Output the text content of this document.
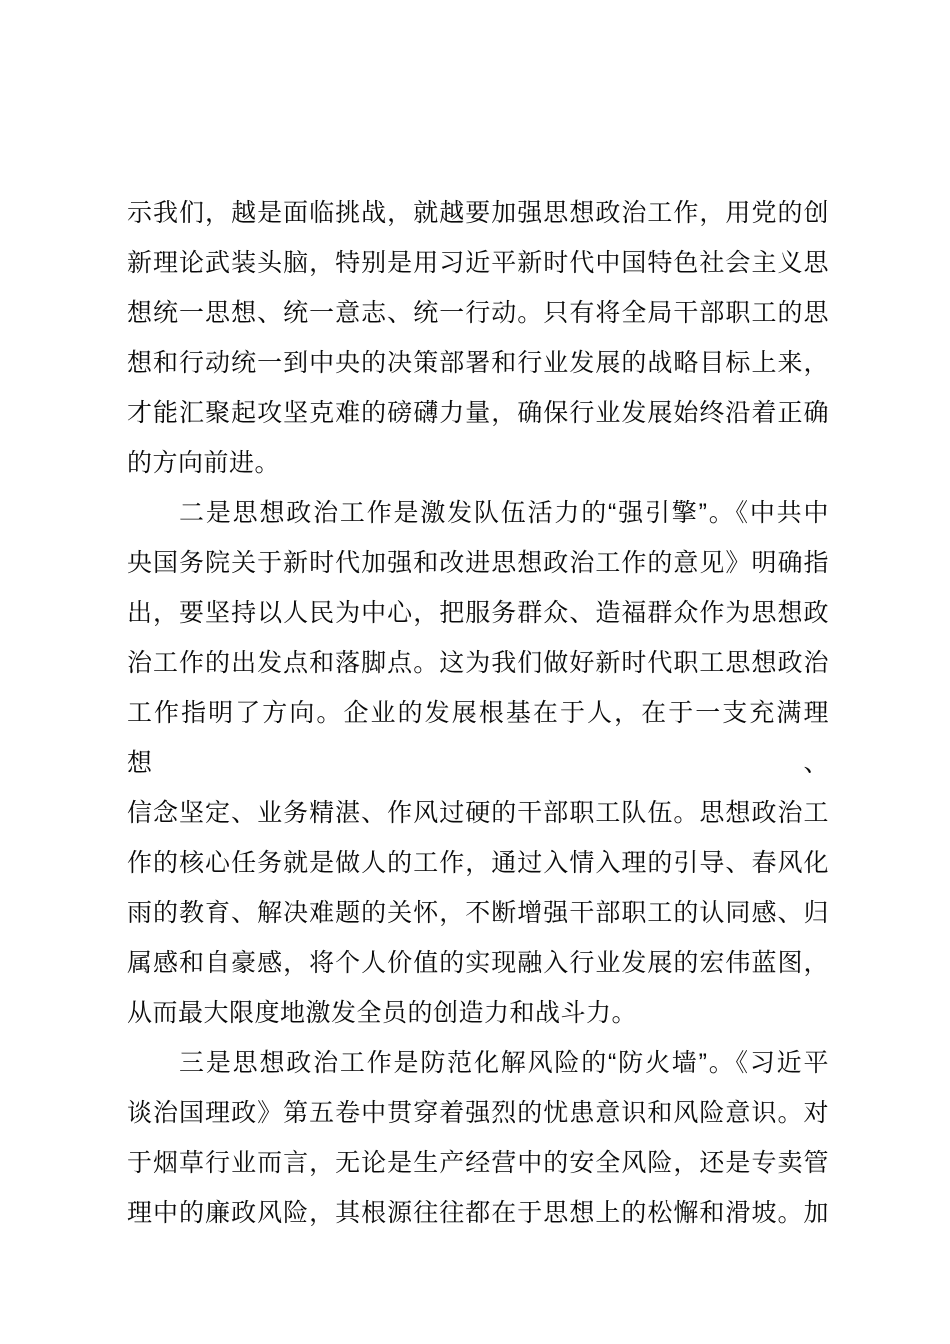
示我们，越是面临挑战，就越要加强思想政治工作，用党的创
新理论武装头脑，特别是用习近平新时代中国特色社会主义思
想统一思想、统一意志、统一行动。只有将全局干部职工的思
想和行动统一到中央的决策部署和行业发展的战略目标上来，
才能汇聚起攻坚克难的磅礴力量，确保行业发展始终沿着正确
的方向前进。
二是思想政治工作是激发队伍活力的“强引擎”。《中共中
央国务院关于新时代加强和改进思想政治工作的意见》明确指
出，要坚持以人民为中心，把服务群众、造福群众作为思想政
治工作的出发点和落脚点。这为我们做好新时代职工思想政治
工作指明了方向。企业的发展根基在于人，在于一支充满理想、
信念坚定、业务精湛、作风过硬的干部职工队伍。思想政治工
作的核心任务就是做人的工作，通过入情入理的引导、春风化
雨的教育、解决难题的关怀，不断增强干部职工的认同感、归
属感和自豪感，将个人价值的实现融入行业发展的宏伟蓝图，
从而最大限度地激发全员的创造力和战斗力。
三是思想政治工作是防范化解风险的“防火墙”。《习近平
谈治国理政》第五卷中贯穿着强烈的忧患意识和风险意识。对
于烟草行业而言，无论是生产经营中的安全风险，还是专卖管
理中的廉政风险，其根源往往都在于思想上的松懈和滑坡。加
